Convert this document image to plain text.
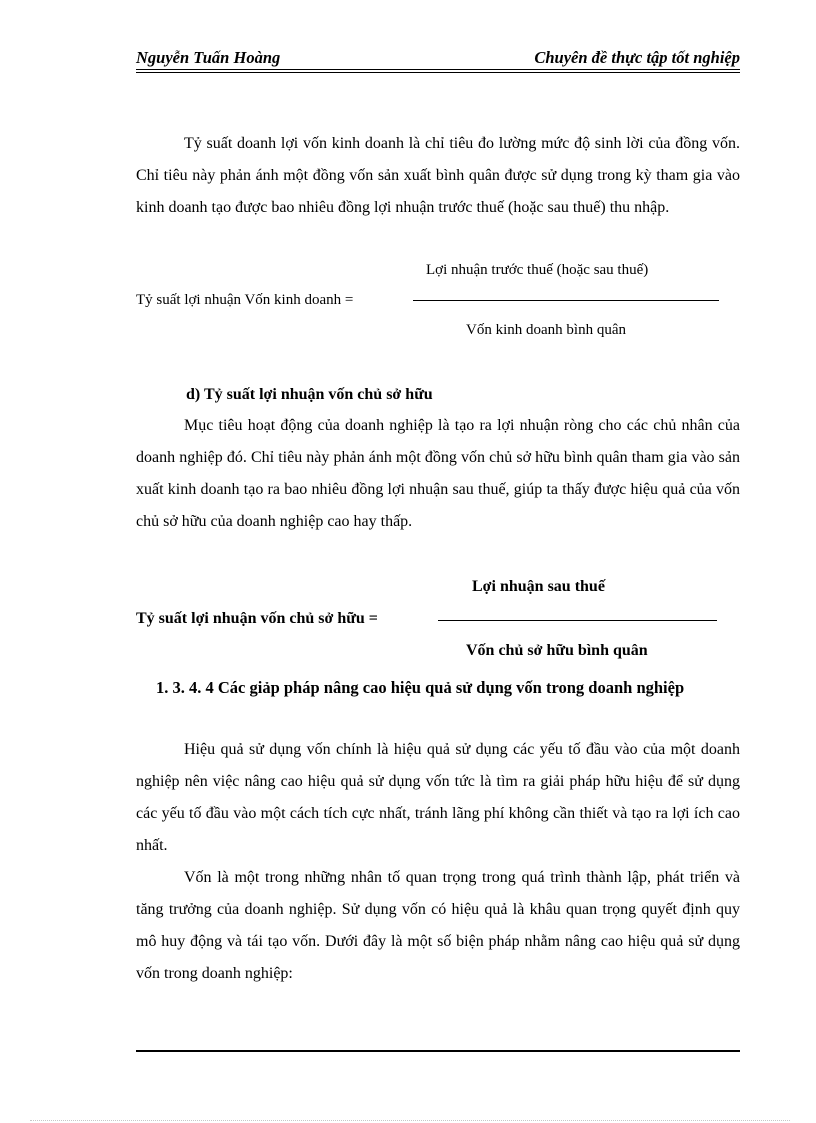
Nguyễn Tuấn Hoàng	Chuyên đề thực tập tốt nghiệp

Tỷ suất doanh lợi vốn kinh doanh là chỉ tiêu đo lường mức độ sinh lời của đồng vốn. Chỉ tiêu này phản ánh một đồng vốn sản xuất bình quân được sử dụng trong kỳ tham gia vào kinh doanh tạo được bao nhiêu đồng lợi nhuận trước thuế (hoặc sau thuế) thu nhập.

Lợi nhuận trước thuế (hoặc sau thuế)
Tỷ suất lợi nhuận Vốn kinh doanh =
Vốn kinh doanh bình quân
d) Tỷ suất lợi nhuận vốn chủ sở hữu

Mục tiêu hoạt động của doanh nghiệp là tạo ra lợi nhuận ròng cho các chủ nhân của doanh nghiệp đó. Chỉ tiêu này phản ánh một đồng vốn chủ sở hữu bình quân tham gia vào sản xuất kinh doanh tạo ra bao nhiêu đồng lợi nhuận sau thuế, giúp ta thấy được hiệu quả của vốn chủ sở hữu của doanh nghiệp cao hay thấp.

Lợi nhuận sau thuế
Tỷ suất lợi nhuận vốn chủ sở hữu =
Vốn chủ sở hữu bình quân

1. 3. 4. 4 Các giảp pháp nâng cao hiệu quả sử dụng vốn trong doanh nghiệp

Hiệu quả sử dụng vốn chính là hiệu quả sử dụng các yếu tố đầu vào của một doanh nghiệp nên việc nâng cao hiệu quả sử dụng vốn tức là tìm ra giải pháp hữu hiệu để sử dụng các yếu tố đầu vào một cách tích cực nhất, tránh lãng phí không cần thiết và tạo ra lợi ích cao nhất.

Vốn là một trong những nhân tố quan trọng trong quá trình thành lập, phát triển và tăng trưởng của doanh nghiệp. Sử dụng vốn có hiệu quả là khâu quan trọng quyết định quy mô huy động và tái tạo vốn. Dưới đây là một số biện pháp nhằm nâng cao hiệu quả sử dụng vốn trong doanh nghiệp:
